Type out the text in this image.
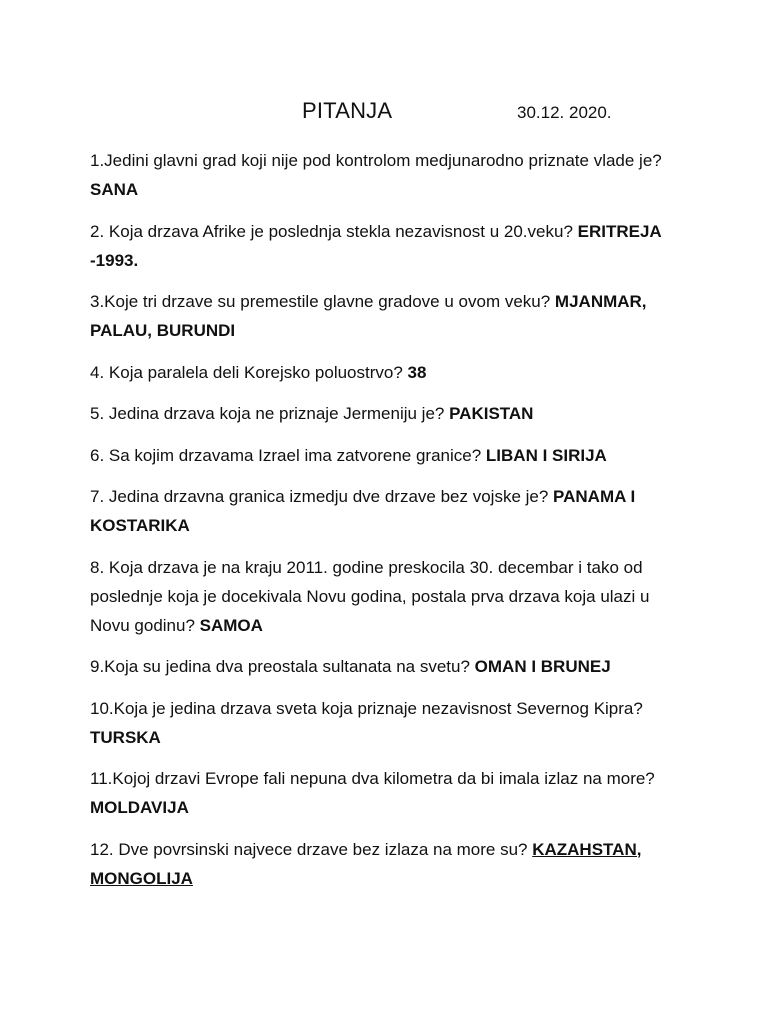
PITANJA	30.12. 2020.

1.Jedini glavni grad koji nije pod kontrolom medjunarodno priznate vlade je? SANA

2. Koja drzava Afrike je poslednja stekla nezavisnost u 20.veku? ERITREJA -1993.

3.Koje tri drzave su premestile glavne gradove u ovom veku? MJANMAR, PALAU, BURUNDI

4. Koja paralela deli Korejsko poluostrvo? 38

5. Jedina drzava koja ne priznaje Jermeniju je? PAKISTAN

6. Sa kojim drzavama Izrael ima zatvorene granice? LIBAN I SIRIJA

7. Jedina drzavna granica izmedju dve drzave bez vojske je? PANAMA I KOSTARIKA

8. Koja drzava je na kraju 2011. godine preskocila 30. decembar i tako od poslednje koja je docekivala Novu godina, postala prva drzava koja ulazi u Novu godinu? SAMOA

9.Koja su jedina dva preostala sultanata na svetu? OMAN I BRUNEJ

10.Koja je jedina drzava sveta koja priznaje nezavisnost Severnog Kipra? TURSKA

11.Kojoj drzavi Evrope fali nepuna dva kilometra da bi imala izlaz na more? MOLDAVIJA

12. Dve povrsinski najvece drzave bez izlaza na more su? KAZAHSTAN, MONGOLIJA
